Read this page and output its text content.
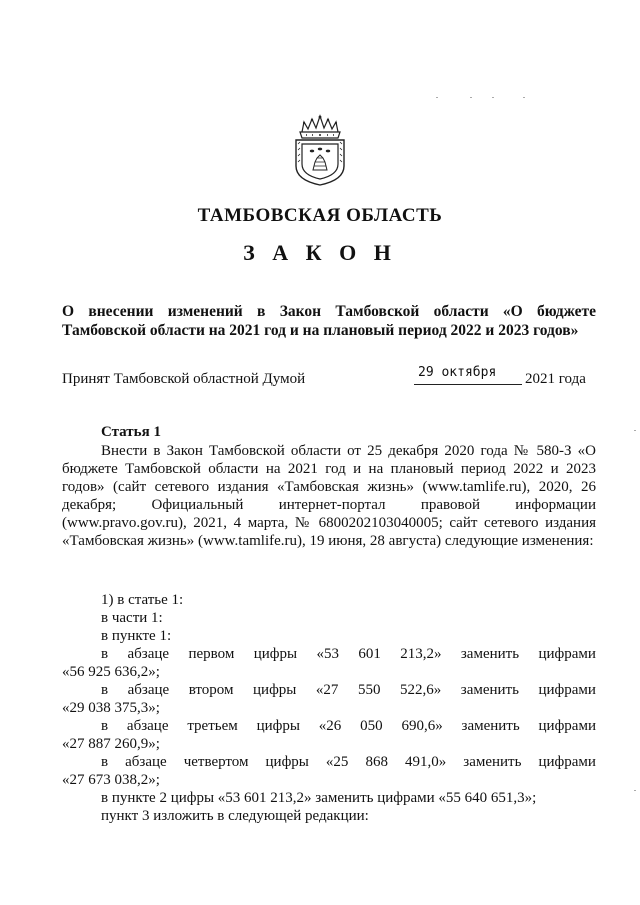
ТАМБОВСКАЯ ОБЛАСТЬ
З А К О Н
О внесении изменений в Закон Тамбовской области «О бюджете Тамбовской области на 2021 год и на плановый период 2022 и 2023 годов»
Принят Тамбовской областной Думой	29 октября 2021 года
Статья 1

Внести в Закон Тамбовской области от 25 декабря 2020 года № 580-З «О бюджете Тамбовской области на 2021 год и на плановый период 2022 и 2023 годов» (сайт сетевого издания «Тамбовская жизнь» (www.tamlife.ru), 2020, 26 декабря; Официальный интернет-портал правовой информации (www.pravo.gov.ru), 2021, 4 марта, № 6800202103040005; сайт сетевого издания «Тамбовская жизнь» (www.tamlife.ru), 19 июня, 28 августа) следующие изменения:

1) в статье 1:
в части 1:
в пункте 1:
в абзаце первом цифры «53 601 213,2» заменить цифрами
«56 925 636,2»;
в абзаце втором цифры «27 550 522,6» заменить цифрами
«29 038 375,3»;
в абзаце третьем цифры «26 050 690,6» заменить цифрами
«27 887 260,9»;
в абзаце четвертом цифры «25 868 491,0» заменить цифрами
«27 673 038,2»;
в пункте 2 цифры «53 601 213,2» заменить цифрами «55 640 651,3»;
пункт 3 изложить в следующей редакции:
